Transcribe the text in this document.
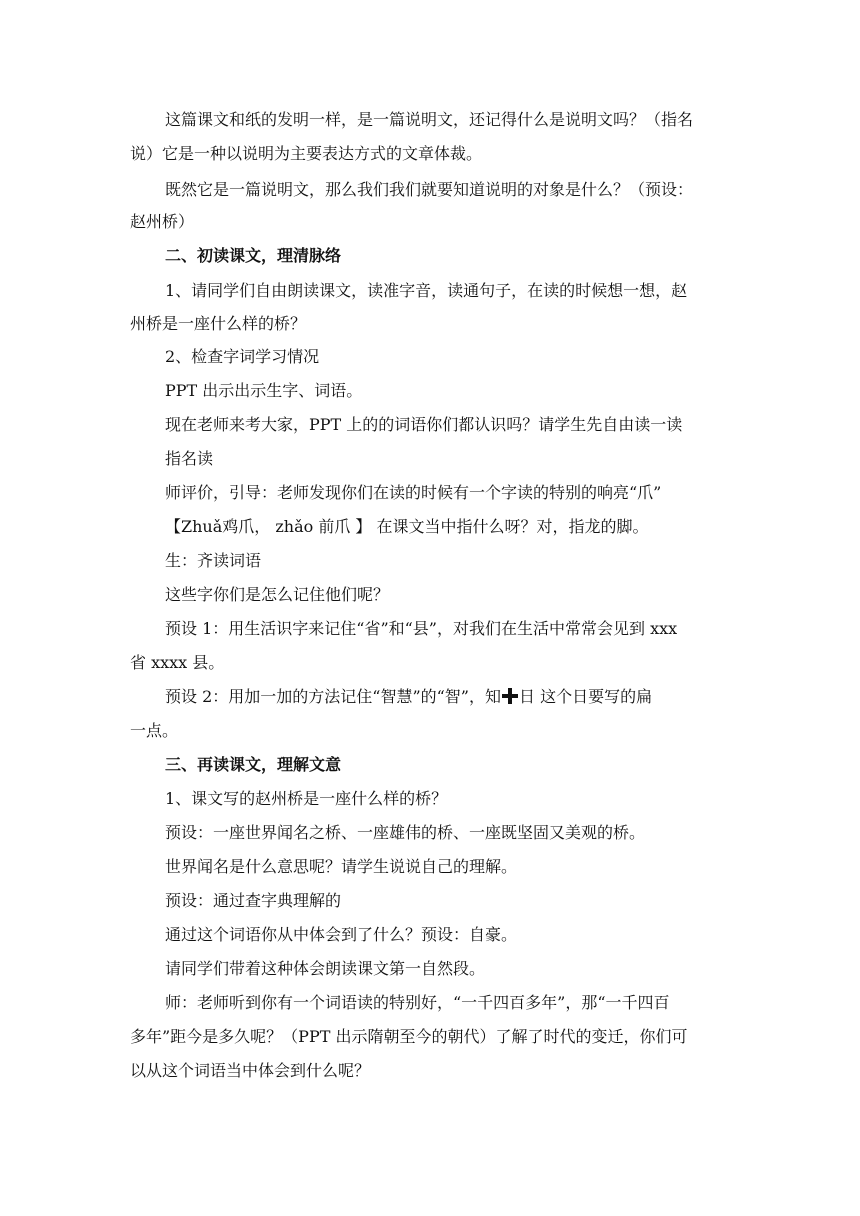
这篇课文和纸的发明一样，是一篇说明文，还记得什么是说明文吗？（指名
说）它是一种以说明为主要表达方式的文章体裁。
既然它是一篇说明文，那么我们我们就要知道说明的对象是什么？（预设：
赵州桥）
二、初读课文，理清脉络
1、请同学们自由朗读课文，读准字音，读通句子，在读的时候想一想，赵
州桥是一座什么样的桥？
2、检查字词学习情况
PPT 出示出示生字、词语。
现在老师来考大家，PPT 上的的词语你们都认识吗？请学生先自由读一读
指名读
师评价，引导：老师发现你们在读的时候有一个字读的特别的响亮“爪”
【Zhuǎ鸡爪， zhǎo 前爪 】 在课文当中指什么呀？对，指龙的脚。
生：齐读词语
这些字你们是怎么记住他们呢？
预设 1：用生活识字来记住“省”和“县”，对我们在生活中常常会见到 xxx
省 xxxx 县。
预设 2：用加一加的方法记住“智慧”的“智”，知 日 这个日要写的扁
一点。
三、再读课文，理解文意
1、课文写的赵州桥是一座什么样的桥？
预设：一座世界闻名之桥、一座雄伟的桥、一座既坚固又美观的桥。
世界闻名是什么意思呢？请学生说说自己的理解。
预设：通过查字典理解的
通过这个词语你从中体会到了什么？预设：自豪。
请同学们带着这种体会朗读课文第一自然段。
师：老师听到你有一个词语读的特别好，“一千四百多年”，那“一千四百
多年”距今是多久呢？（PPT 出示隋朝至今的朝代）了解了时代的变迁，你们可
以从这个词语当中体会到什么呢？
